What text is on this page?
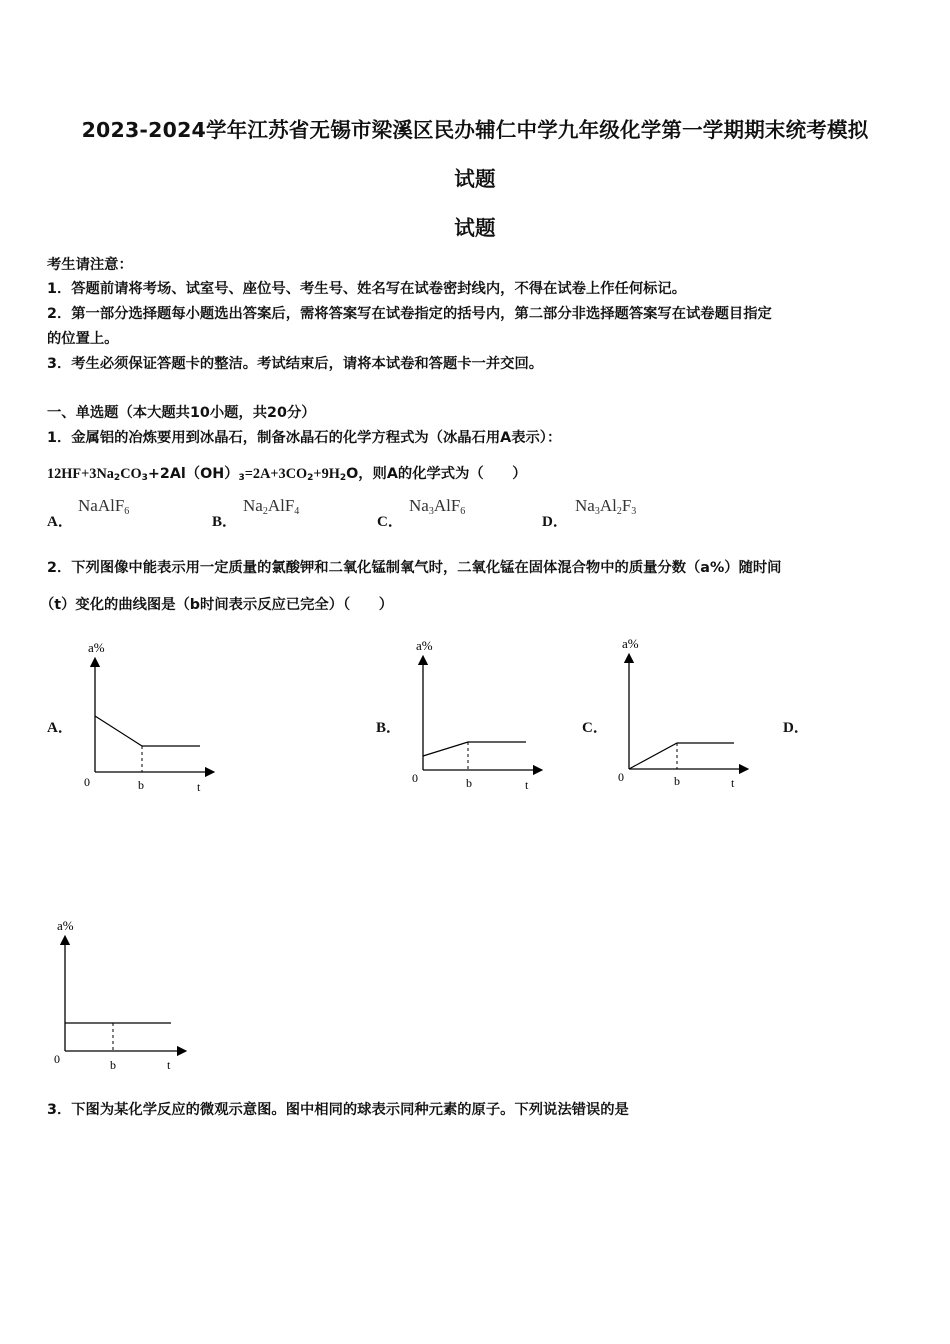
2023-2024学年江苏省无锡市梁溪区民办辅仁中学九年级化学第一学期期末统考模拟
试题
试题
考生请注意：
1．答题前请将考场、试室号、座位号、考生号、姓名写在试卷密封线内，不得在试卷上作任何标记。
2．第一部分选择题每小题选出答案后，需将答案写在试卷指定的括号内，第二部分非选择题答案写在试卷题目指定
的位置上。
3．考生必须保证答题卡的整洁。考试结束后，请将本试卷和答题卡一并交回。
一、单选题（本大题共10小题，共20分）
1．金属铝的冶炼要用到冰晶石，制备冰晶石的化学方程式为（冰晶石用A表示）：
$12HF+3Na_2CO_3+2Al(OH)_3=2A+3CO_2+9H_2O$，则A的化学式为（　　）
A．
NaAlF$_6$
B．
$Na_2AlF_4$
C．
$Na_3AlF_6$
D．
$Na_3Al_2F_3$
2．下列图像中能表示用一定质量的氯酸钾和二氧化锰制氧气时，二氧化锰在固体混合物中的质量分数（a%）随时间
（t）变化的曲线图是（b时间表示反应已完全）（　　）
A．	B．	C．	D．
a%
0	b	t
a%
0	b	t
a%
0	b	t
a%
0	b	t
3．下图为某化学反应的微观示意图。图中相同的球表示同种元素的原子。下列说法错误的是
